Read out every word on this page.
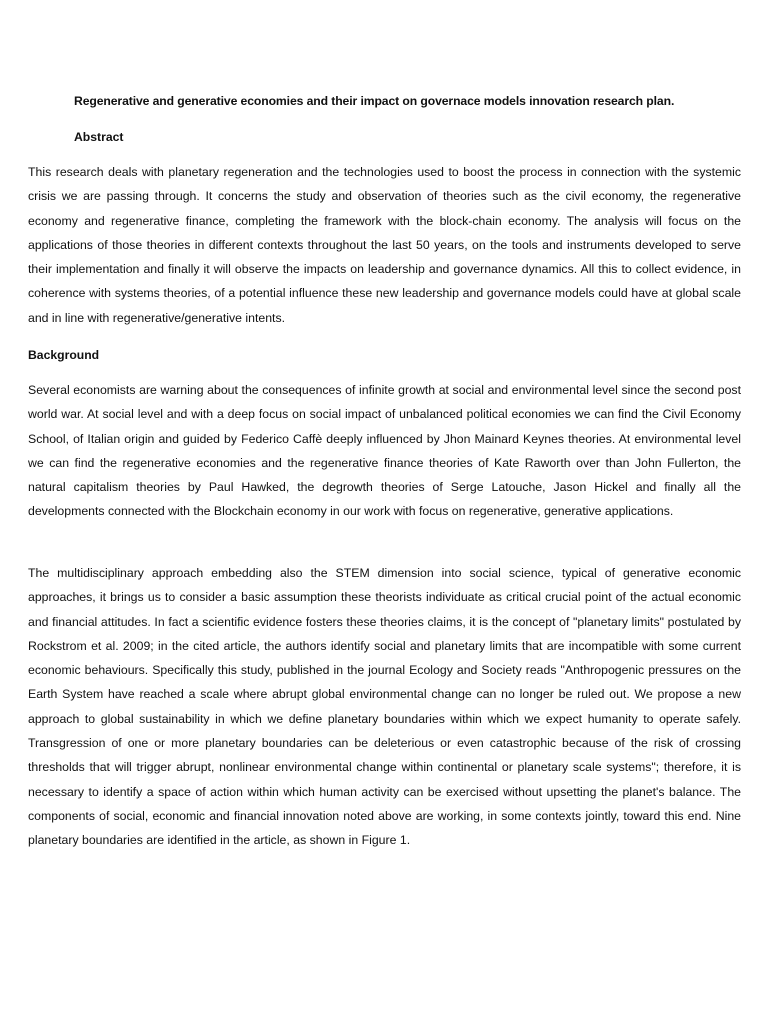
Regenerative and generative economies and their impact on governace models innovation research plan.
Abstract

This research deals with planetary regeneration and the technologies used to boost the process in connection with the systemic crisis we are passing through. It concerns the study and observation of theories such as the civil economy, the regenerative economy and regenerative finance, completing the framework with the block-chain economy. The analysis will focus on the applications of those theories in different contexts throughout the last 50 years, on the tools and instruments developed to serve their implementation and finally it will observe the impacts on leadership and governance dynamics. All this to collect evidence, in coherence with systems theories, of a potential influence these new leadership and governance models could have at global scale and in line with regenerative/generative intents.

Background

Several economists are warning about the consequences of infinite growth at social and environmental level since the second post world war. At social level and with a deep focus on social impact of unbalanced political economies we can find the Civil Economy School, of Italian origin and guided by Federico Caffè deeply influenced by Jhon Mainard Keynes theories. At environmental level we can find the regenerative economies and the regenerative finance theories of Kate Raworth over than John Fullerton, the natural capitalism theories by Paul Hawked, the degrowth theories of Serge Latouche, Jason Hickel and finally all the developments connected with the Blockchain economy in our work with focus on regenerative, generative applications.

The multidisciplinary approach embedding also the STEM dimension into social science, typical of generative economic approaches, it brings us to consider a basic assumption these theorists individuate as critical crucial point of the actual economic and financial attitudes. In fact a scientific evidence fosters these theories claims, it is the concept of "planetary limits" postulated by Rockstrom et al. 2009; in the cited article, the authors identify social and planetary limits that are incompatible with some current economic behaviours. Specifically this study, published in the journal Ecology and Society reads "Anthropogenic pressures on the Earth System have reached a scale where abrupt global environmental change can no longer be ruled out. We propose a new approach to global sustainability in which we define planetary boundaries within which we expect humanity to operate safely. Transgression of one or more planetary boundaries can be deleterious or even catastrophic because of the risk of crossing thresholds that will trigger abrupt, nonlinear environmental change within continental or planetary scale systems"; therefore, it is necessary to identify a space of action within which human activity can be exercised without upsetting the planet's balance. The components of social, economic and financial innovation noted above are working, in some contexts jointly, toward this end. Nine planetary boundaries are identified in the article, as shown in Figure 1.
